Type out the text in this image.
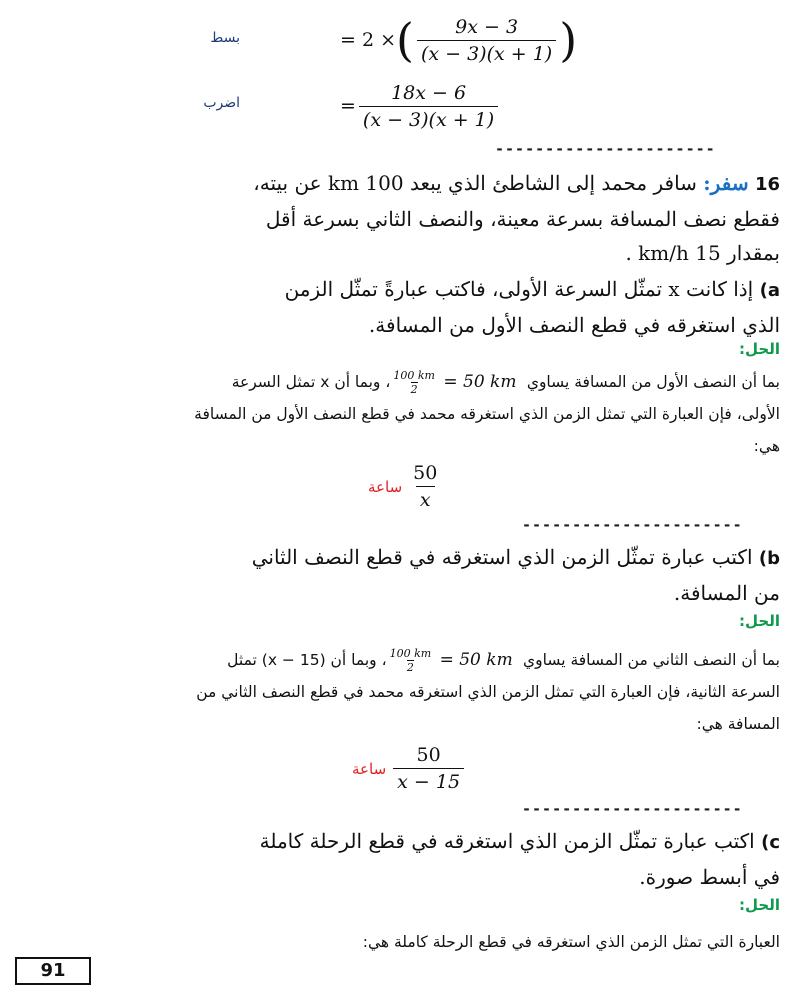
بسط	= 2 × ( $\frac{9x - 3}{(x - 3)(x + 1)}$ )
اضرب	= $\frac{18x - 6}{(x - 3)(x + 1)}$
----------------------
16 سفر: سافر محمد إلى الشاطئ الذي يبعد 100 km عن بيته،
فقطع نصف المسافة بسرعة معينة، والنصف الثاني بسرعة أقل
بمقدار 15 km/h .
a) إذا كانت x تمثّل السرعة الأولى، فاكتب عبارةً تمثّل الزمن
الذي استغرقه في قطع النصف الأول من المسافة.
الحل:
بما أن النصف الأول من المسافة يساوي
$\frac{100 km}{2} = 50$ km ، وبما أن x تمثل السرعة
الأولى، فإن العبارة التي تمثل الزمن الذي استغرقه محمد في قطع النصف الأول من المسافة
هي:
ساعة $\frac{50}{x}$
----------------------
b) اكتب عبارة تمثّل الزمن الذي استغرقه في قطع النصف الثاني
من المسافة.
الحل:
بما أن النصف الثاني من المسافة يساوي
$\frac{100 km}{2} = 50$ km ، وبما أن (x − 15) تمثل
السرعة الثانية، فإن العبارة التي تمثل الزمن الذي استغرقه محمد في قطع النصف الثاني من
المسافة هي:
ساعة $\frac{50}{x - 15}$
----------------------
c) اكتب عبارة تمثّل الزمن الذي استغرقه في قطع الرحلة كاملة
في أبسط صورة.
الحل:
العبارة التي تمثل الزمن الذي استغرقه في قطع الرحلة كاملة هي:
91
